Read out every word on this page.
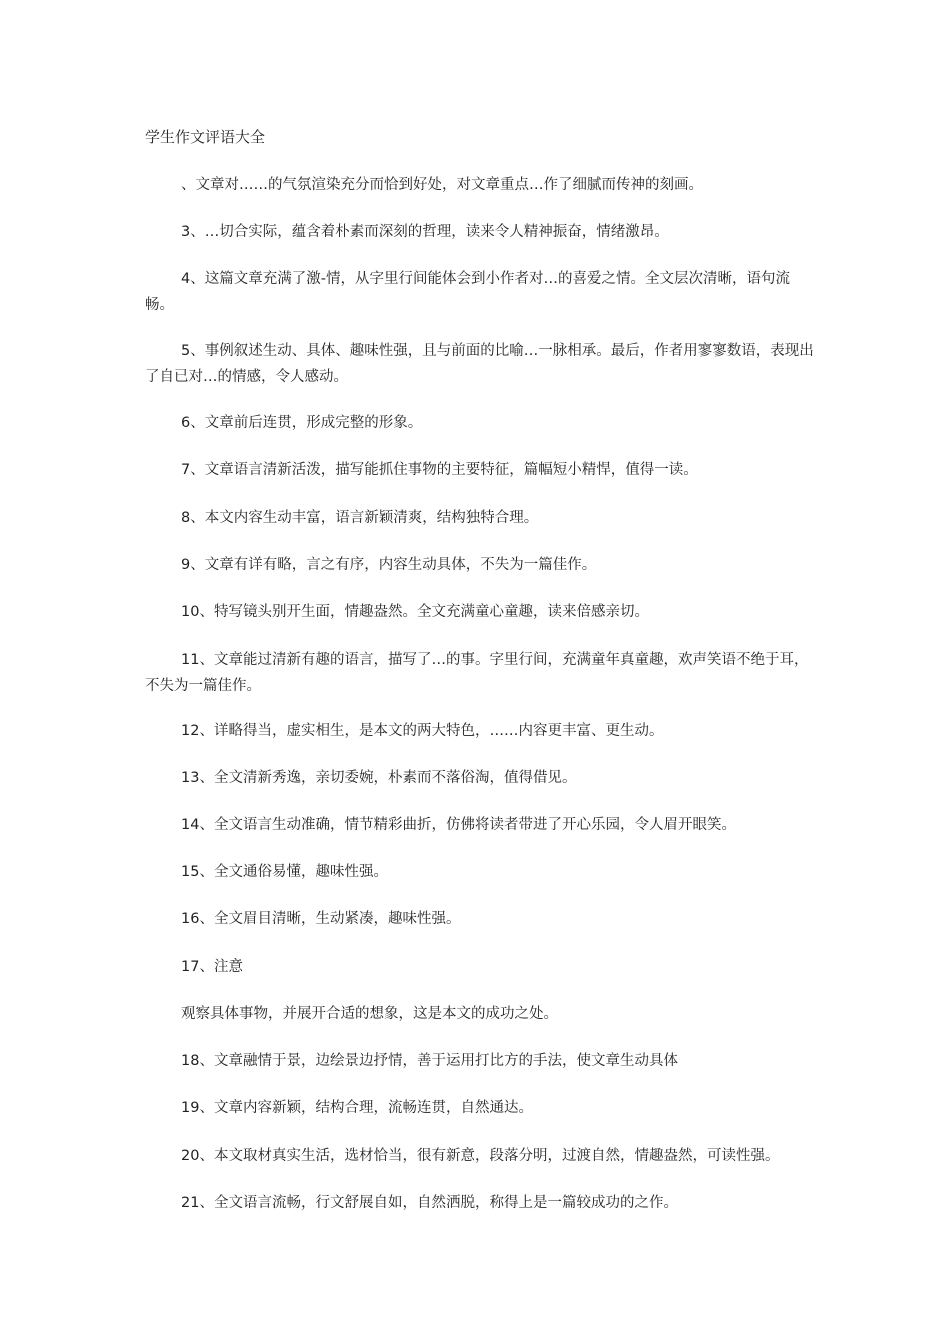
学生作文评语大全
、文章对……的气氛渲染充分而恰到好处，对文章重点…作了细腻而传神的刻画。
3、…切合实际，蕴含着朴素而深刻的哲理，读来令人精神振奋，情绪激昂。
4、这篇文章充满了激-情，从字里行间能体会到小作者对…的喜爱之情。全文层次清晰，语句流畅。
5、事例叙述生动、具体、趣味性强，且与前面的比喻…一脉相承。最后，作者用寥寥数语，表现出了自已对…的情感，令人感动。
6、文章前后连贯，形成完整的形象。
7、文章语言清新活泼，描写能抓住事物的主要特征，篇幅短小精悍，值得一读。
8、本文内容生动丰富，语言新颖清爽，结构独特合理。
9、文章有详有略，言之有序，内容生动具体，不失为一篇佳作。
10、特写镜头别开生面，情趣盎然。全文充满童心童趣，读来倍感亲切。
11、文章能过清新有趣的语言，描写了…的事。字里行间，充满童年真童趣，欢声笑语不绝于耳，不失为一篇佳作。
12、详略得当，虚实相生，是本文的两大特色，……内容更丰富、更生动。
13、全文清新秀逸，亲切委婉，朴素而不落俗淘，值得借见。
14、全文语言生动准确，情节精彩曲折，仿佛将读者带进了开心乐园，令人眉开眼笑。
15、全文通俗易懂，趣味性强。
16、全文眉目清晰，生动紧凑，趣味性强。
17、注意
观察具体事物，并展开合适的想象，这是本文的成功之处。
18、文章融情于景，边绘景边抒情，善于运用打比方的手法，使文章生动具体
19、文章内容新颖，结构合理，流畅连贯，自然通达。
20、本文取材真实生活，选材恰当，很有新意，段落分明，过渡自然，情趣盎然，可读性强。
21、全文语言流畅，行文舒展自如，自然洒脱，称得上是一篇较成功的之作。
